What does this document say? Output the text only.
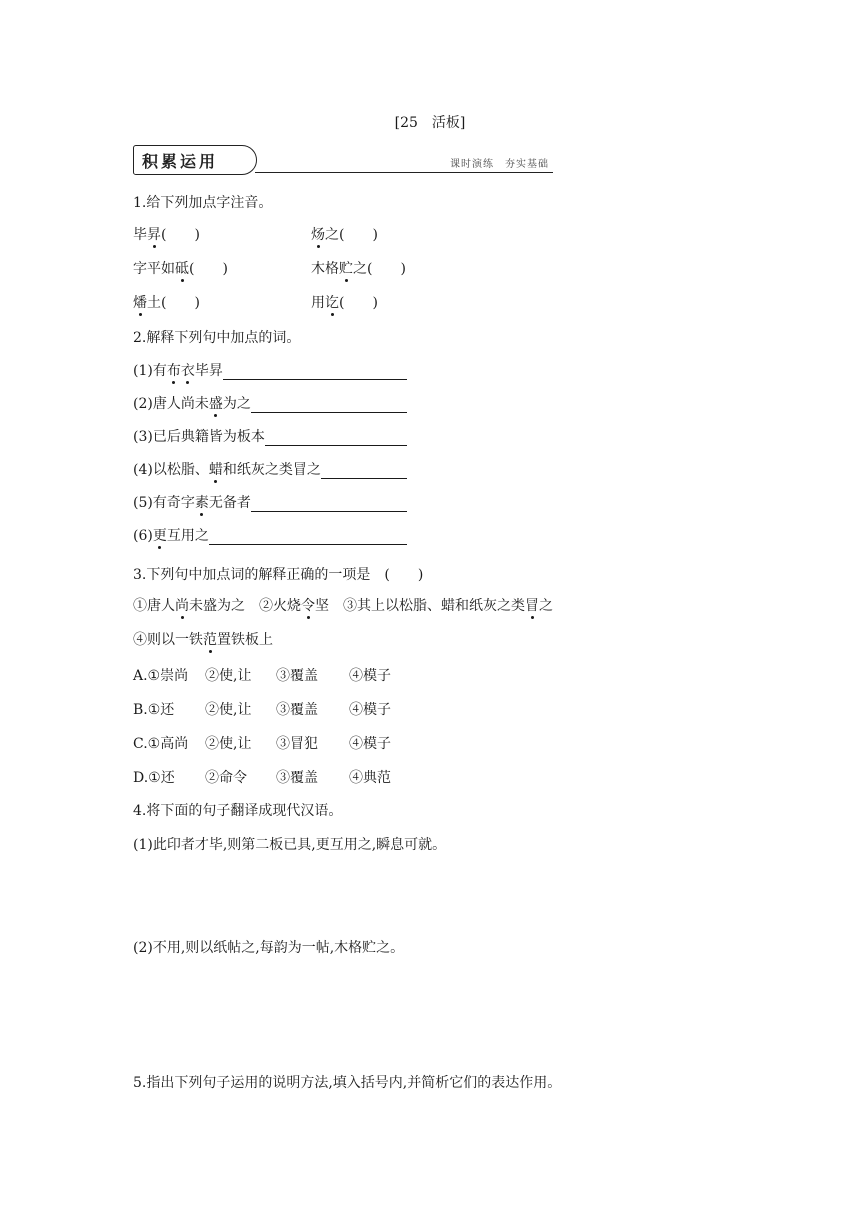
[25　活板]
积累运用	课时演练　夯实基础
1.给下列加点字注音。
毕昇(　　)	炀之(　　)
字平如砥(　　)	木格贮之(　　)
燔土(　　)	用讫(　　)
2.解释下列句中加点的词。
(1)有布衣毕昇
(2)唐人尚未盛为之
(3)已后典籍皆为板本
(4)以松脂、蜡和纸灰之类冒之
(5)有奇字素无备者
(6)更互用之
3.下列句中加点词的解释正确的一项是　(　　)
①唐人尚未盛为之　②火烧令坚　③其上以松脂、蜡和纸灰之类冒之
④则以一铁范置铁板上
A.①崇尚 ②使,让 ③覆盖 ④模子
B.①还 ②使,让 ③覆盖 ④模子
C.①高尚 ②使,让 ③冒犯 ④模子
D.①还 ②命令 ③覆盖 ④典范
4.将下面的句子翻译成现代汉语。
(1)此印者才毕,则第二板已具,更互用之,瞬息可就。
(2)不用,则以纸帖之,每韵为一帖,木格贮之。
5.指出下列句子运用的说明方法,填入括号内,并简析它们的表达作用。
